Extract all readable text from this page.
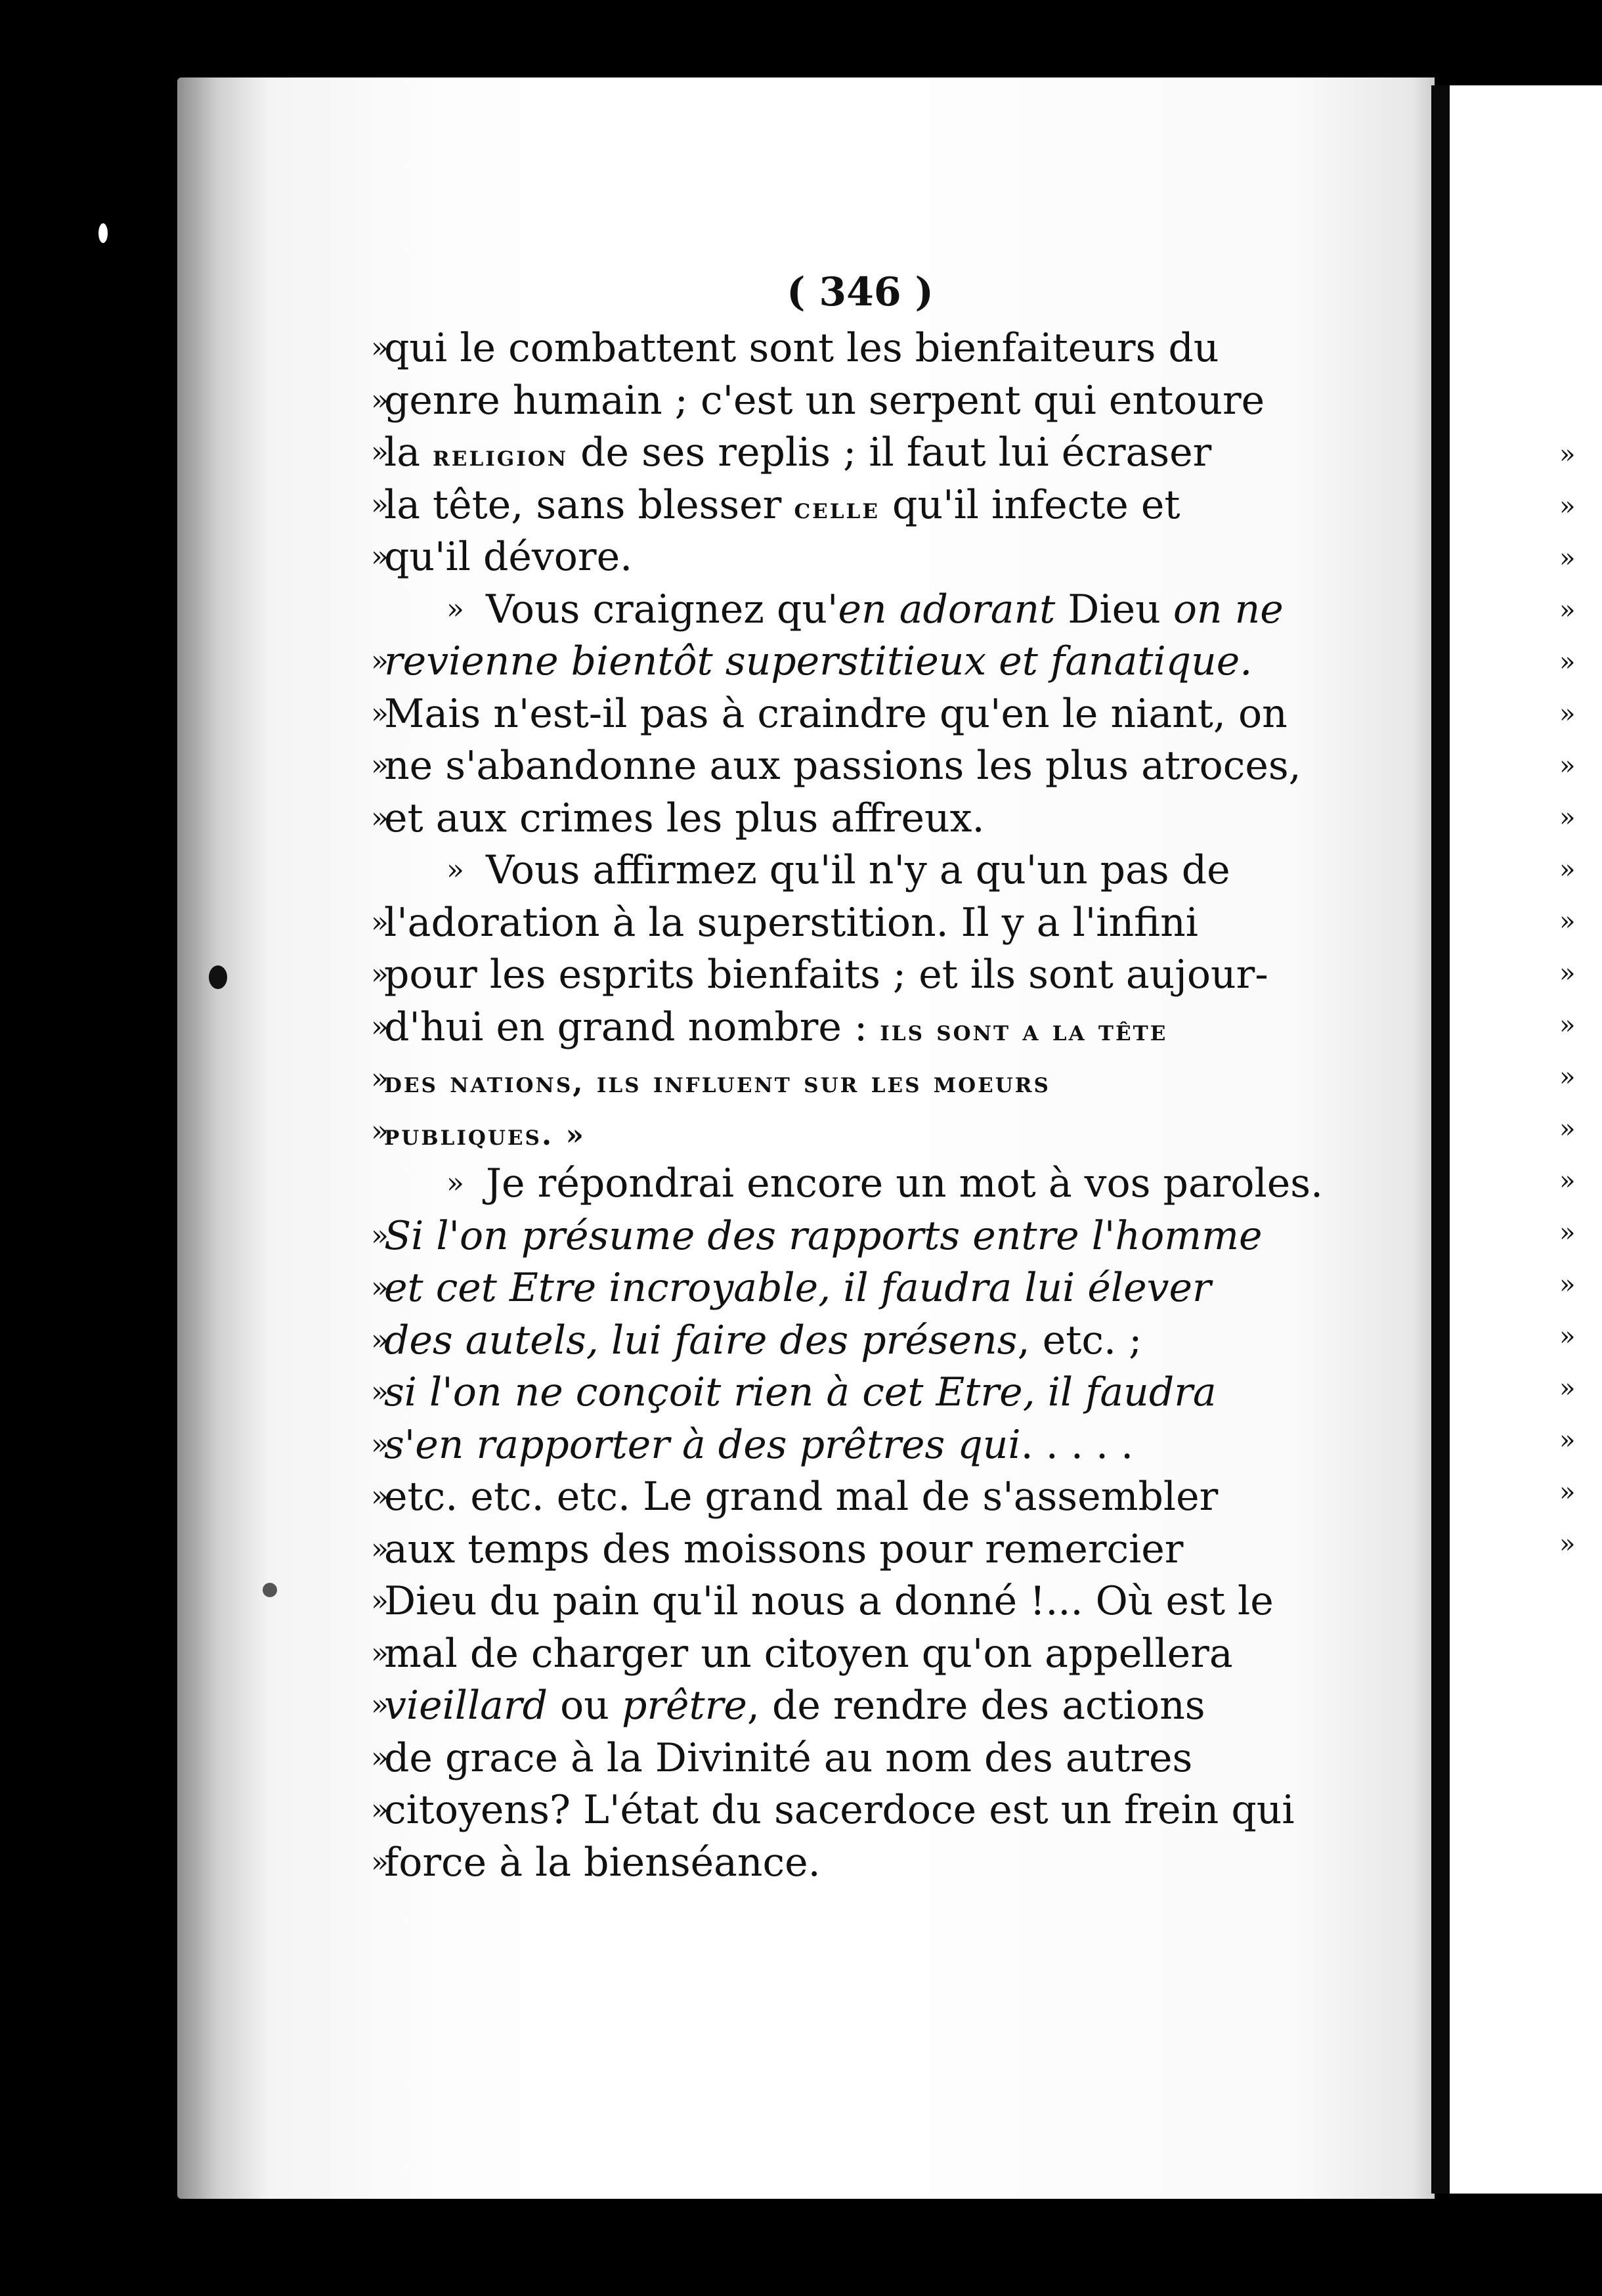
( 346 )
»
qui le combattent sont les bienfaiteurs du
»
genre humain ; c'est un serpent qui entoure
»
la religion de ses replis ; il faut lui écraser
»
la tête, sans blesser celle qu'il infecte et
»
qu'il dévore.
» Vous craignez qu'en adorant Dieu on ne
»
revienne bientôt superstitieux et fanatique.
»
Mais n'est-il pas à craindre qu'en le niant, on
»
ne s'abandonne aux passions les plus atroces,
»
et aux crimes les plus affreux.
» Vous affirmez qu'il n'y a qu'un pas de
»
l'adoration à la superstition. Il y a l'infini
»
pour les esprits bienfaits ; et ils sont aujour-
»
d'hui en grand nombre : ils sont a la tête
»
des nations, ils influent sur les moeurs
»
publiques. »
» Je répondrai encore un mot à vos paroles.
»
Si l'on présume des rapports entre l'homme
»
et cet Etre incroyable, il faudra lui élever
»
des autels, lui faire des présens, etc. ;
»
si l'on ne conçoit rien à cet Etre, il faudra
»
s'en rapporter à des prêtres qui. . . . .
»
etc. etc. etc. Le grand mal de s'assembler
»
aux temps des moissons pour remercier
»
Dieu du pain qu'il nous a donné !... Où est le
»
mal de charger un citoyen qu'on appellera
»
vieillard ou prêtre, de rendre des actions
»
de grace à la Divinité au nom des autres
»
citoyens? L'état du sacerdoce est un frein qui
»
force à la bienséance.
»
»
»
»
»
»
»
»
»
»
»
»
»
»
»
»
»
»
»
»
»
»
